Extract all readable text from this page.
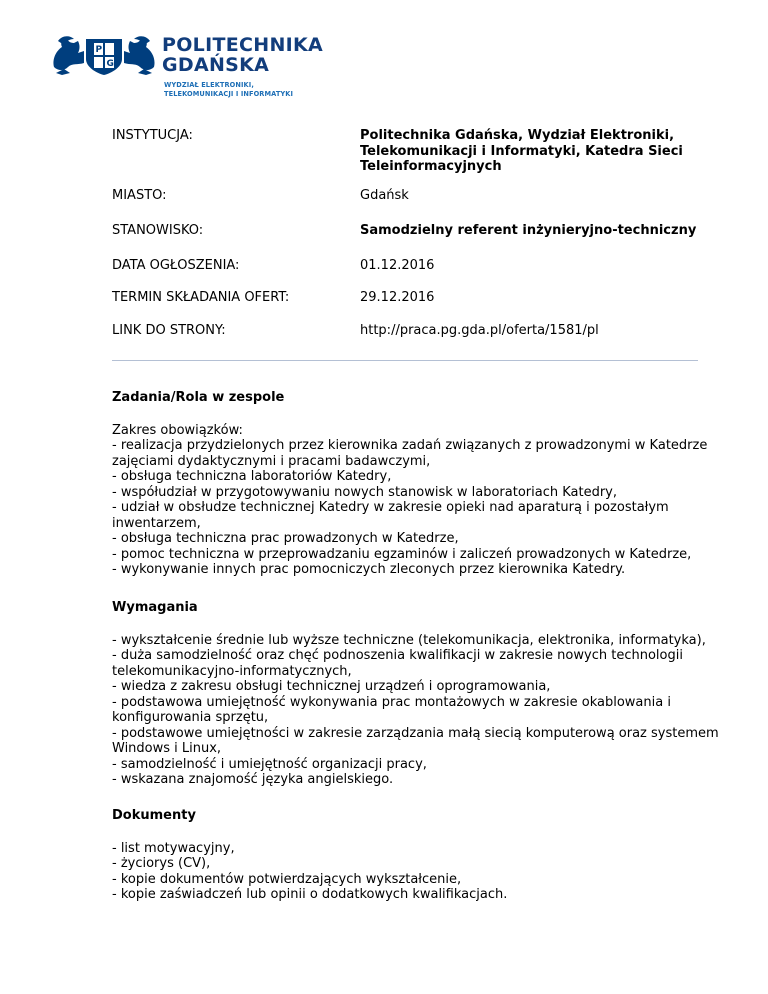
P
G
POLITECHNIKA
GDAŃSKA
WYDZIAŁ ELEKTRONIKI,
TELEKOMUNIKACJI I INFORMATYKI
INSTYTUCJA:	Politechnika Gdańska, Wydział Elektroniki,
Telekomunikacji i Informatyki, Katedra Sieci
Teleinformacyjnych
MIASTO:	Gdańsk
STANOWISKO:	Samodzielny referent inżynieryjno-techniczny
DATA OGŁOSZENIA:	01.12.2016
TERMIN SKŁADANIA OFERT:	29.12.2016
LINK DO STRONY:	http://praca.pg.gda.pl/oferta/1581/pl
Zadania/Rola w zespole
Zakres obowiązków:
- realizacja przydzielonych przez kierownika zadań związanych z prowadzonymi w Katedrze
zajęciami dydaktycznymi i pracami badawczymi,
- obsługa techniczna laboratoriów Katedry,
- współudział w przygotowywaniu nowych stanowisk w laboratoriach Katedry,
- udział w obsłudze technicznej Katedry w zakresie opieki nad aparaturą i pozostałym
inwentarzem,
- obsługa techniczna prac prowadzonych w Katedrze,
- pomoc techniczna w przeprowadzaniu egzaminów i zaliczeń prowadzonych w Katedrze,
- wykonywanie innych prac pomocniczych zleconych przez kierownika Katedry.
Wymagania
- wykształcenie średnie lub wyższe techniczne (telekomunikacja, elektronika, informatyka),
- duża samodzielność oraz chęć podnoszenia kwalifikacji w zakresie nowych technologii
telekomunikacyjno-informatycznych,
- wiedza z zakresu obsługi technicznej urządzeń i oprogramowania,
- podstawowa umiejętność wykonywania prac montażowych w zakresie okablowania i
konfigurowania sprzętu,
- podstawowe umiejętności w zakresie zarządzania małą siecią komputerową oraz systemem
Windows i Linux,
- samodzielność i umiejętność organizacji pracy,
- wskazana znajomość języka angielskiego.
Dokumenty
- list motywacyjny,
- życiorys (CV),
- kopie dokumentów potwierdzających wykształcenie,
- kopie zaświadczeń lub opinii o dodatkowych kwalifikacjach.
